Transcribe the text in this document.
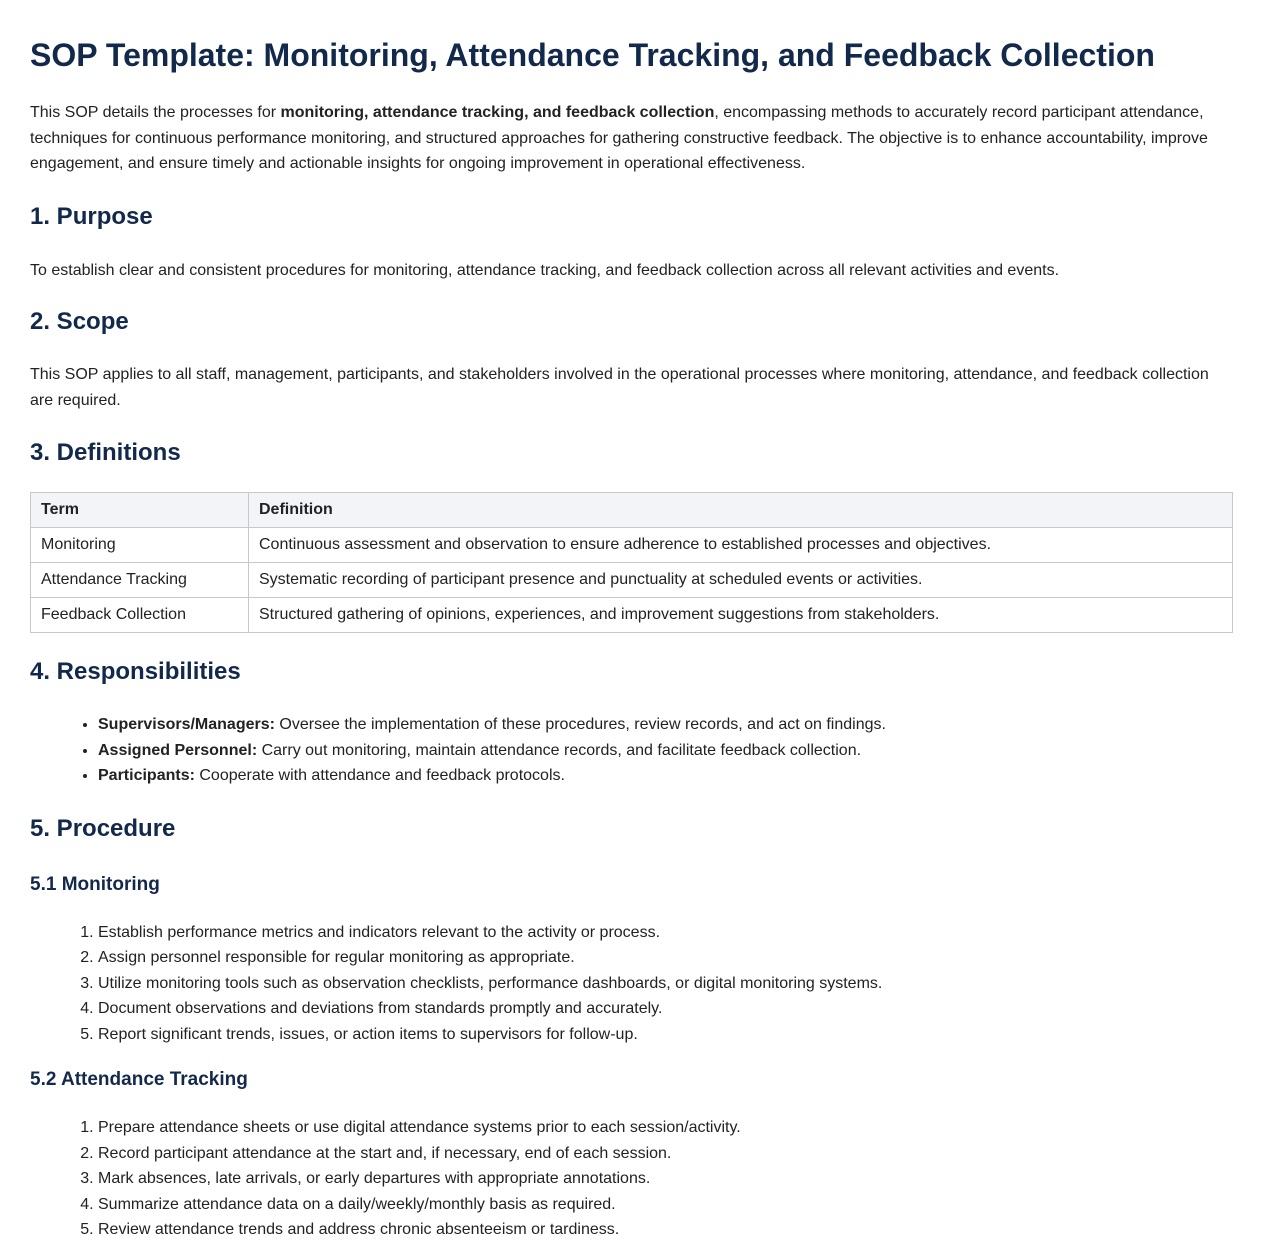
SOP Template: Monitoring, Attendance Tracking, and Feedback Collection

This SOP details the processes for monitoring, attendance tracking, and feedback collection, encompassing methods to accurately record participant attendance, techniques for continuous performance monitoring, and structured approaches for gathering constructive feedback. The objective is to enhance accountability, improve engagement, and ensure timely and actionable insights for ongoing improvement in operational effectiveness.

1. Purpose

To establish clear and consistent procedures for monitoring, attendance tracking, and feedback collection across all relevant activities and events.

2. Scope

This SOP applies to all staff, management, participants, and stakeholders involved in the operational processes where monitoring, attendance, and feedback collection are required.

3. Definitions
Term	Definition
Monitoring	Continuous assessment and observation to ensure adherence to established processes and objectives.
Attendance Tracking	Systematic recording of participant presence and punctuality at scheduled events or activities.
Feedback Collection	Structured gathering of opinions, experiences, and improvement suggestions from stakeholders.
4. Responsibilities
• Supervisors/Managers: Oversee the implementation of these procedures, review records, and act on findings.
• Assigned Personnel: Carry out monitoring, maintain attendance records, and facilitate feedback collection.
• Participants: Cooperate with attendance and feedback protocols.
5. Procedure
5.1 Monitoring
1. Establish performance metrics and indicators relevant to the activity or process.
2. Assign personnel responsible for regular monitoring as appropriate.
3. Utilize monitoring tools such as observation checklists, performance dashboards, or digital monitoring systems.
4. Document observations and deviations from standards promptly and accurately.
5. Report significant trends, issues, or action items to supervisors for follow-up.
5.2 Attendance Tracking
1. Prepare attendance sheets or use digital attendance systems prior to each session/activity.
2. Record participant attendance at the start and, if necessary, end of each session.
3. Mark absences, late arrivals, or early departures with appropriate annotations.
4. Summarize attendance data on a daily/weekly/monthly basis as required.
5. Review attendance trends and address chronic absenteeism or tardiness.
